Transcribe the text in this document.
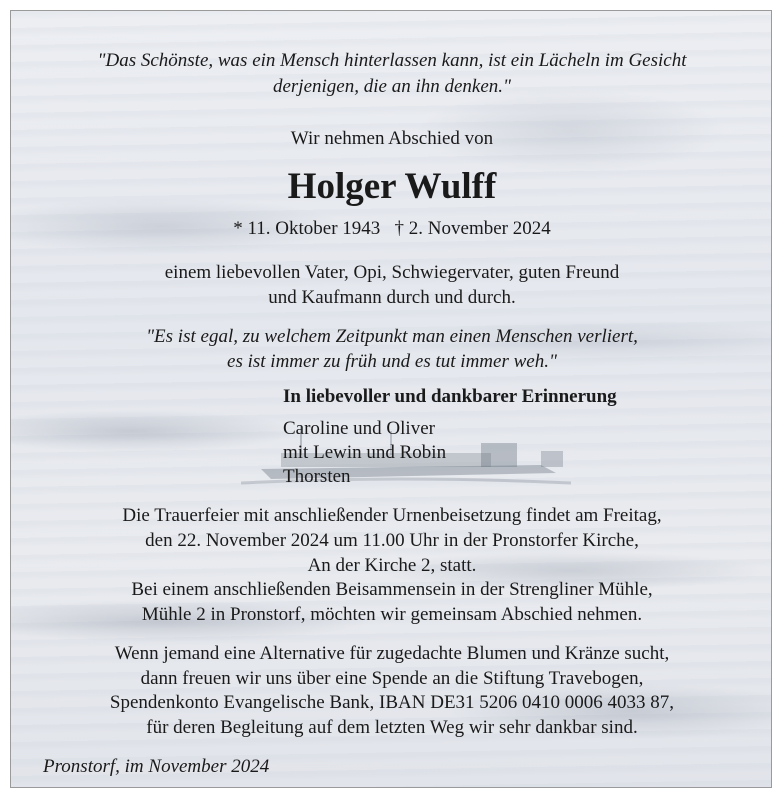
"Das Schönste, was ein Mensch hinterlassen kann, ist ein Lächeln im Gesicht
derjenigen, die an ihn denken."
Wir nehmen Abschied von
Holger Wulff
* 11. Oktober 1943   † 2. November 2024
einem liebevollen Vater, Opi, Schwiegervater, guten Freund
und Kaufmann durch und durch.
"Es ist egal, zu welchem Zeitpunkt man einen Menschen verliert,
es ist immer zu früh und es tut immer weh."
In liebevoller und dankbarer Erinnerung
Caroline und Oliver
mit Lewin und Robin
Thorsten
Die Trauerfeier mit anschließender Urnenbeisetzung findet am Freitag,
den 22. November 2024 um 11.00 Uhr in der Pronstorfer Kirche,
An der Kirche 2, statt.
Bei einem anschließenden Beisammensein in der Strengliner Mühle,
Mühle 2 in Pronstorf, möchten wir gemeinsam Abschied nehmen.
Wenn jemand eine Alternative für zugedachte Blumen und Kränze sucht,
dann freuen wir uns über eine Spende an die Stiftung Travebogen,
Spendenkonto Evangelische Bank, IBAN DE31 5206 0410 0006 4033 87,
für deren Begleitung auf dem letzten Weg wir sehr dankbar sind.
Pronstorf, im November 2024
